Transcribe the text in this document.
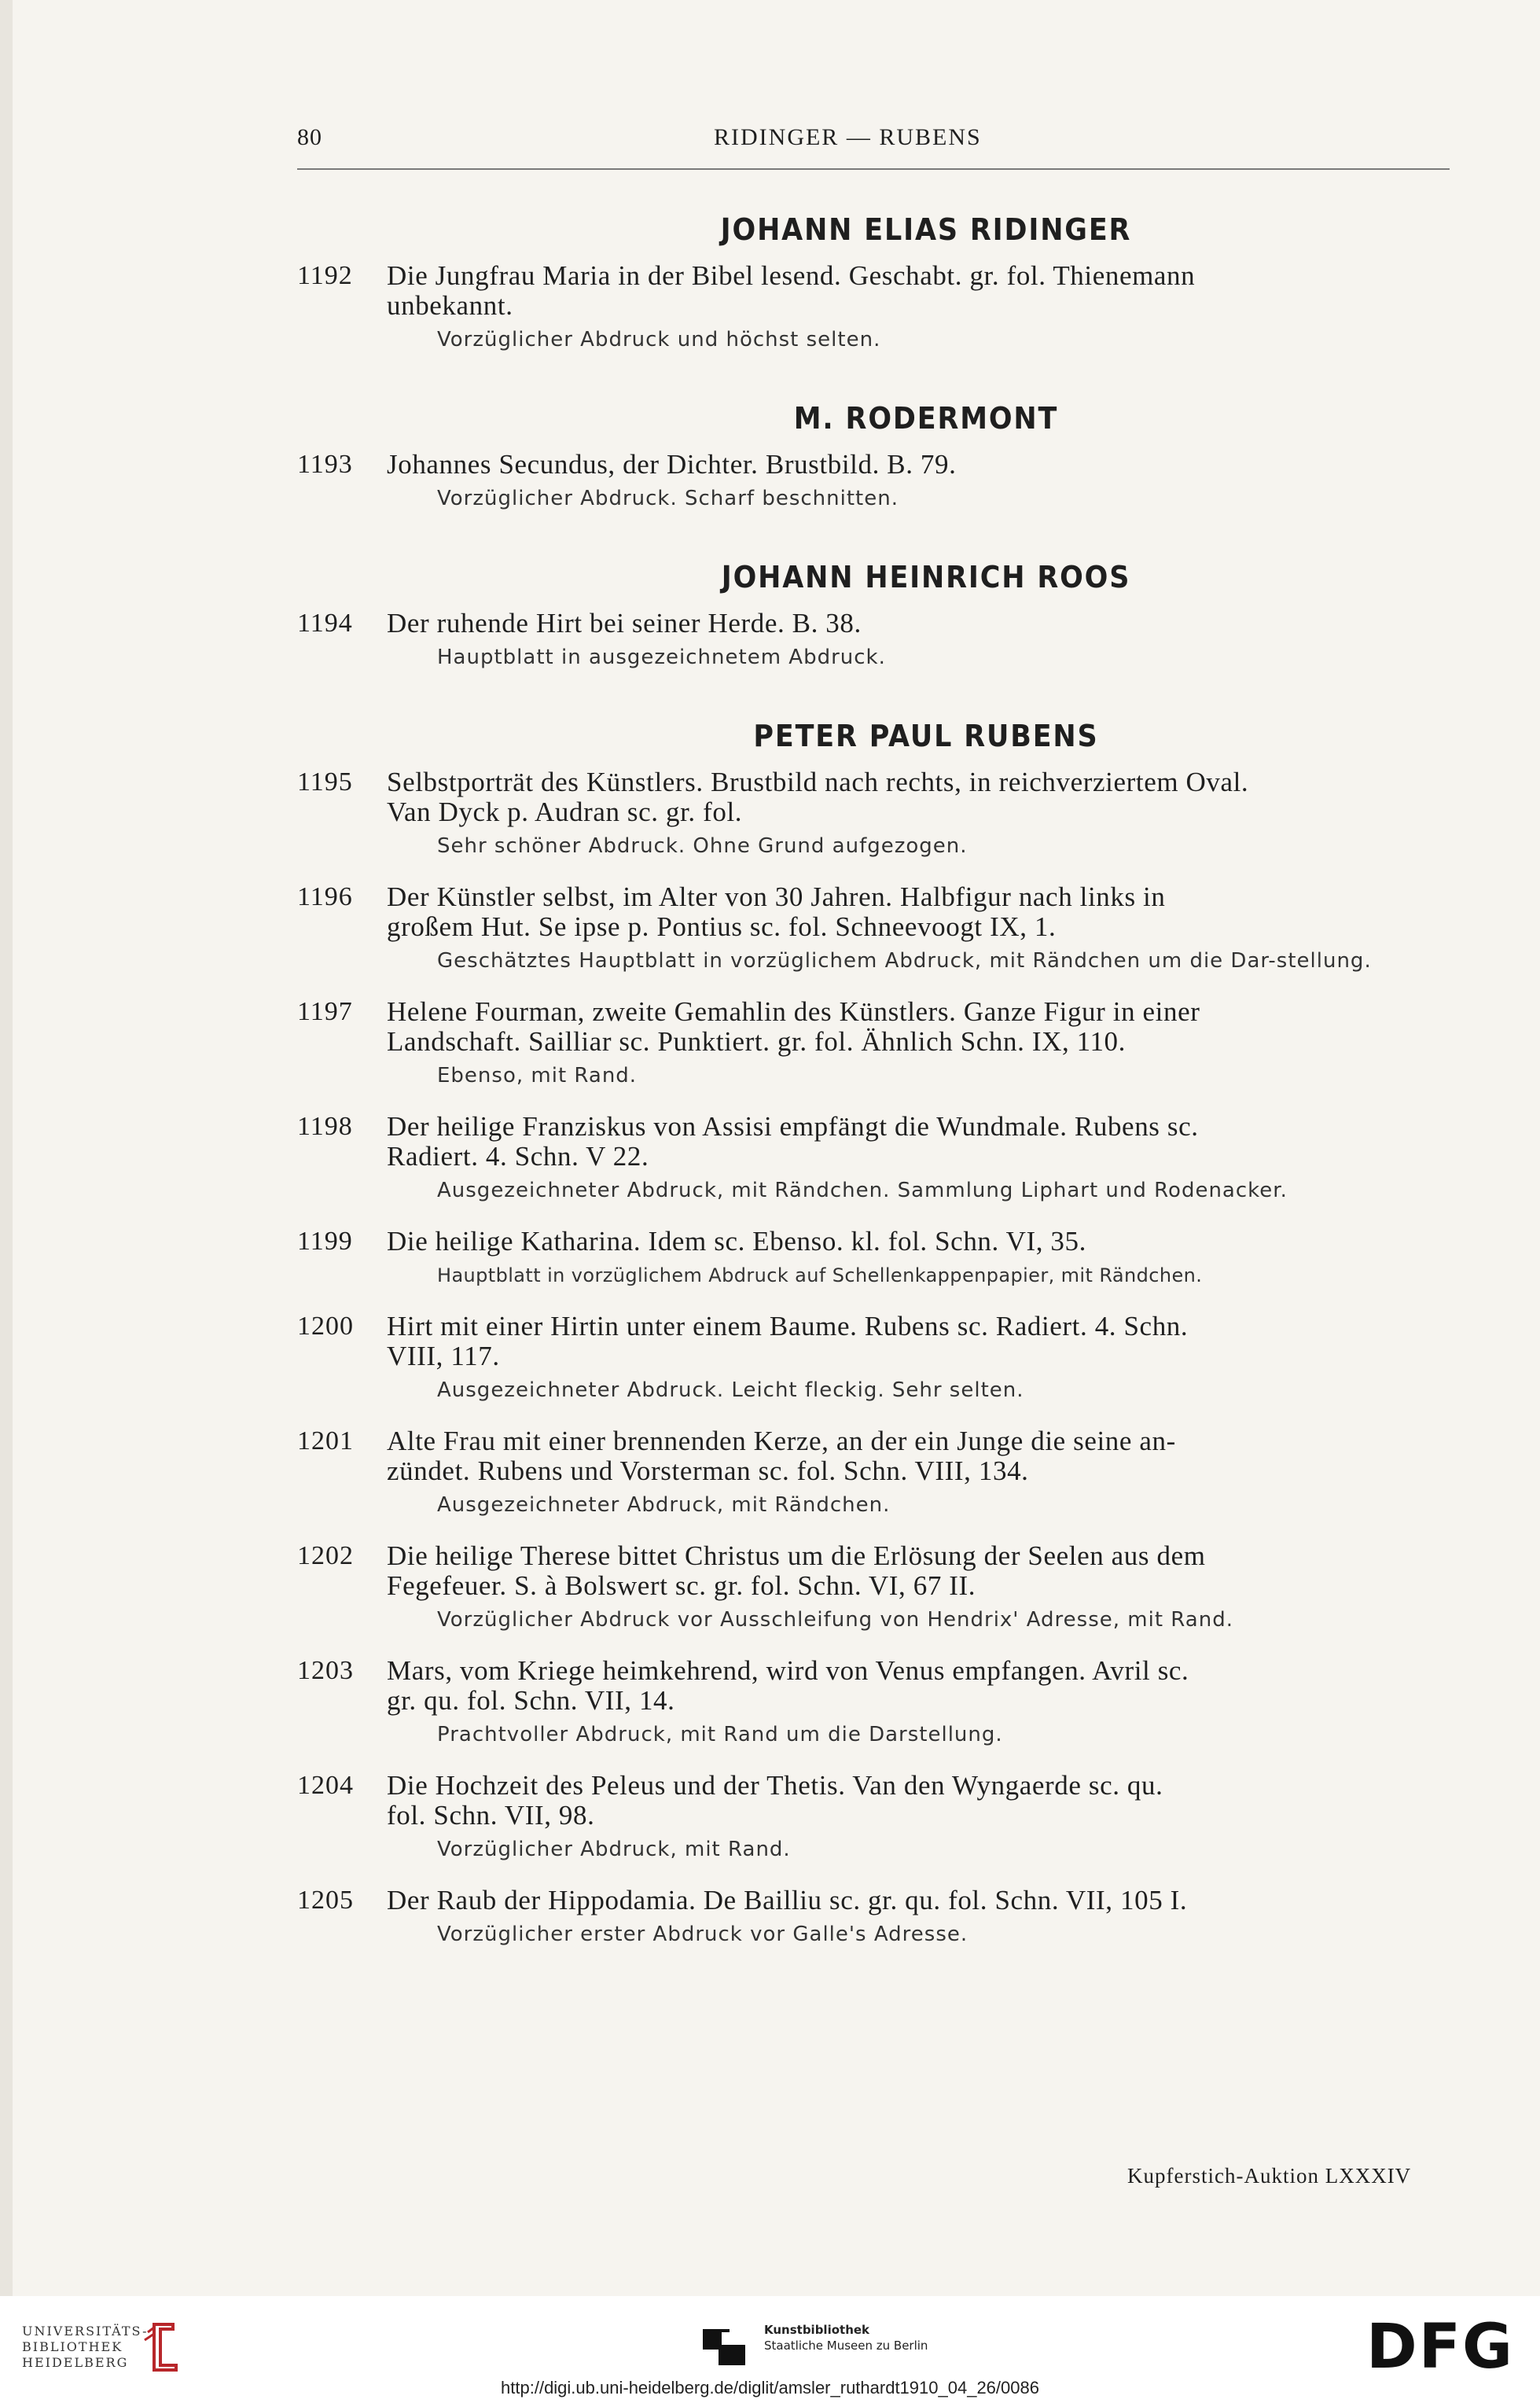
80	RIDINGER — RUBENS
JOHANN ELIAS RIDINGER
1192 Die Jungfrau Maria in der Bibel lesend. Geschabt. gr. fol. Thienemann
unbekannt.
Vorzüglicher Abdruck und höchst selten.
M. RODERMONT
1193 Johannes Secundus, der Dichter. Brustbild. B. 79.
Vorzüglicher Abdruck. Scharf beschnitten.
JOHANN HEINRICH ROOS
1194 Der ruhende Hirt bei seiner Herde. B. 38.
Hauptblatt in ausgezeichnetem Abdruck.
PETER PAUL RUBENS
1195 Selbstporträt des Künstlers. Brustbild nach rechts, in reichverziertem Oval.
Van Dyck p. Audran sc. gr. fol.
Sehr schöner Abdruck. Ohne Grund aufgezogen.
1196 Der Künstler selbst, im Alter von 30 Jahren. Halbfigur nach links in
großem Hut. Se ipse p. Pontius sc. fol. Schneevoogt IX, 1.
Geschätztes Hauptblatt in vorzüglichem Abdruck, mit Rändchen um die Dar-stellung.
1197 Helene Fourman, zweite Gemahlin des Künstlers. Ganze Figur in einer
Landschaft. Sailliar sc. Punktiert. gr. fol. Ähnlich Schn. IX, 110.
Ebenso, mit Rand.
1198 Der heilige Franziskus von Assisi empfängt die Wundmale. Rubens sc.
Radiert. 4. Schn. V 22.
Ausgezeichneter Abdruck, mit Rändchen. Sammlung Liphart und Rodenacker.
1199 Die heilige Katharina. Idem sc. Ebenso. kl. fol. Schn. VI, 35.
Hauptblatt in vorzüglichem Abdruck auf Schellenkappenpapier, mit Rändchen.
1200 Hirt mit einer Hirtin unter einem Baume. Rubens sc. Radiert. 4. Schn.
VIII, 117.
Ausgezeichneter Abdruck. Leicht fleckig. Sehr selten.
1201 Alte Frau mit einer brennenden Kerze, an der ein Junge die seine an-
zündet. Rubens und Vorsterman sc. fol. Schn. VIII, 134.
Ausgezeichneter Abdruck, mit Rändchen.
1202 Die heilige Therese bittet Christus um die Erlösung der Seelen aus dem
Fegefeuer. S. à Bolswert sc. gr. fol. Schn. VI, 67 II.
Vorzüglicher Abdruck vor Ausschleifung von Hendrix' Adresse, mit Rand.
1203 Mars, vom Kriege heimkehrend, wird von Venus empfangen. Avril sc.
gr. qu. fol. Schn. VII, 14.
Prachtvoller Abdruck, mit Rand um die Darstellung.
1204 Die Hochzeit des Peleus und der Thetis. Van den Wyngaerde sc. qu.
fol. Schn. VII, 98.
Vorzüglicher Abdruck, mit Rand.
1205 Der Raub der Hippodamia. De Bailliu sc. gr. qu. fol. Schn. VII, 105 I.
Vorzüglicher erster Abdruck vor Galle's Adresse.
Kupferstich-Auktion LXXXIV
UNIVERSITÄTS-
BIBLIOTHEK
HEIDELBERG
Kunstbibliothek
Staatliche Museen zu Berlin	DFG
http://digi.ub.uni-heidelberg.de/diglit/amsler_ruthardt1910_04_26/0086
